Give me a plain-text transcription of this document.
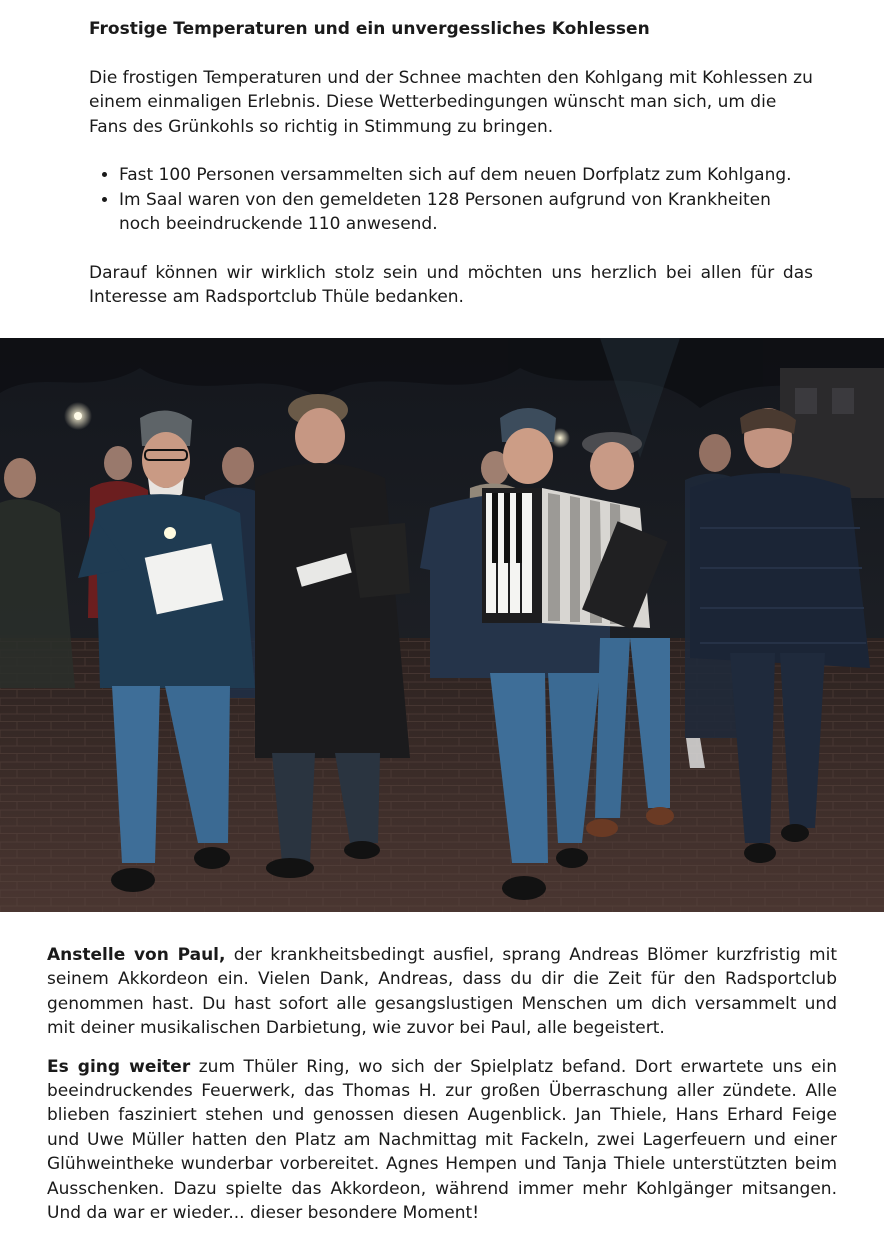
Frostige Temperaturen und ein unvergessliches Kohlessen

Die frostigen Temperaturen und der Schnee machten den Kohlgang mit Kohlessen zu einem einmaligen Erlebnis. Diese Wetterbedingungen wünscht man sich, um die Fans des Grünkohls so richtig in Stimmung zu bringen.

• Fast 100 Personen versammelten sich auf dem neuen Dorfplatz zum Kohlgang.
• Im Saal waren von den gemeldeten 128 Personen aufgrund von Krankheiten noch beeindruckende 110 anwesend.

Darauf können wir wirklich stolz sein und möchten uns herzlich bei allen für das Interesse am Radsportclub Thüle bedanken.

Anstelle von Paul, der krankheitsbedingt ausfiel, sprang Andreas Blömer kurzfristig mit seinem Akkordeon ein. Vielen Dank, Andreas, dass du dir die Zeit für den Radsportclub genommen hast. Du hast sofort alle gesangslustigen Menschen um dich versammelt und mit deiner musikalischen Darbietung, wie zuvor bei Paul, alle begeistert.

Es ging weiter zum Thüler Ring, wo sich der Spielplatz befand. Dort erwartete uns ein beeindruckendes Feuerwerk, das Thomas H. zur großen Überraschung aller zündete. Alle blieben fasziniert stehen und genossen diesen Augenblick. Jan Thiele, Hans Erhard Feige und Uwe Müller hatten den Platz am Nachmittag mit Fackeln, zwei Lagerfeuern und einer Glühweintheke wunderbar vorbereitet. Agnes Hempen und Tanja Thiele unterstützten beim Ausschenken. Dazu spielte das Akkordeon, während immer mehr Kohlgänger mitsangen. Und da war er wieder... dieser besondere Moment!
